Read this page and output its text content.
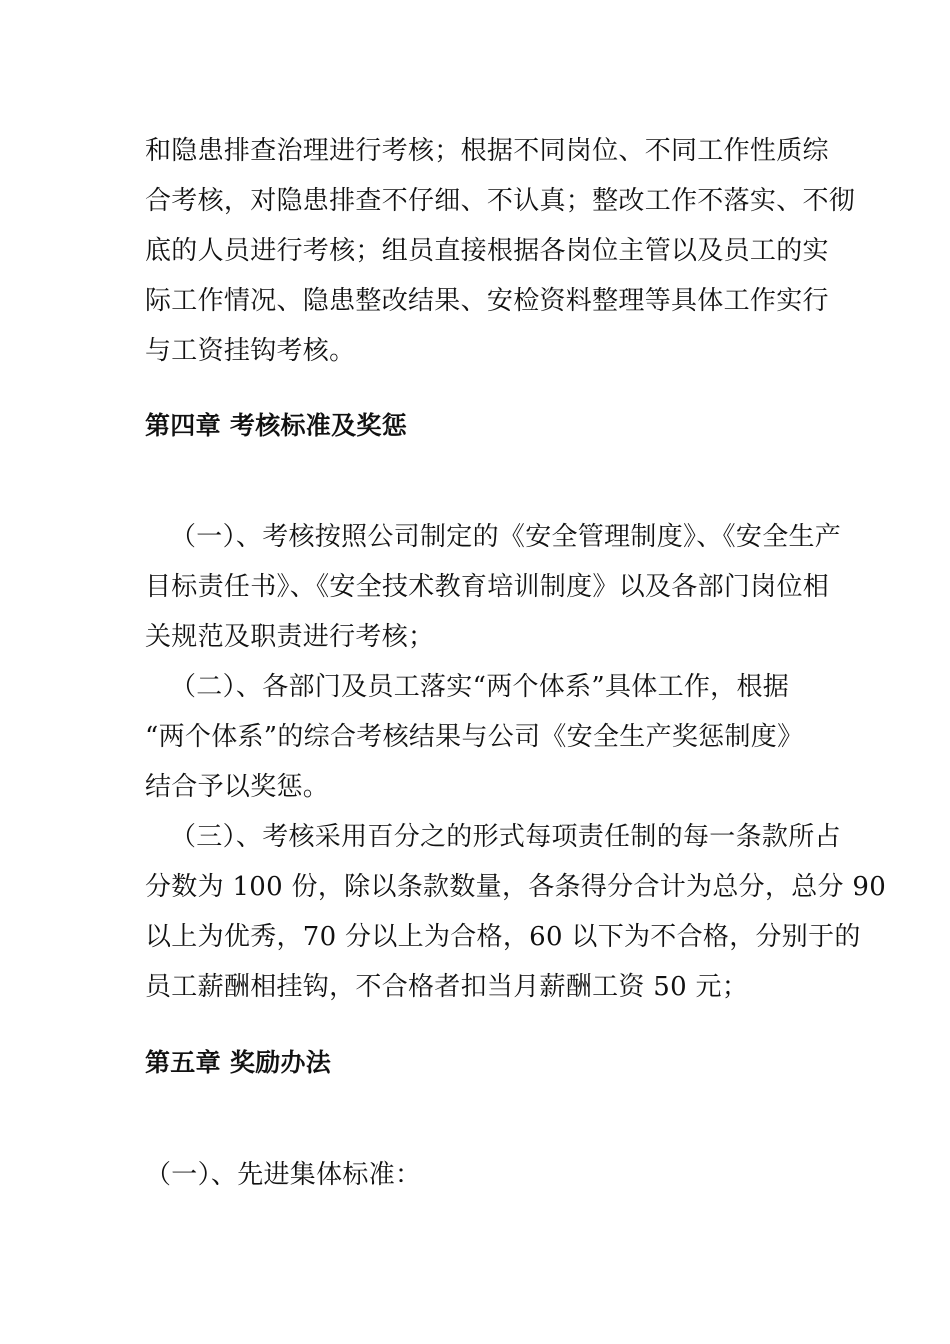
和隐患排查治理进行考核；根据不同岗位、不同工作性质综
合考核，对隐患排查不仔细、不认真；整改工作不落实、不彻
底的人员进行考核；组员直接根据各岗位主管以及员工的实
际工作情况、隐患整改结果、安检资料整理等具体工作实行
与工资挂钩考核。
第四章 考核标准及奖惩
（一）、考核按照公司制定的《安全管理制度》、《安全生产
目标责任书》、《安全技术教育培训制度》以及各部门岗位相
关规范及职责进行考核；
（二）、各部门及员工落实“两个体系”具体工作，根据
“两个体系”的综合考核结果与公司《安全生产奖惩制度》
结合予以奖惩。
（三）、考核采用百分之的形式每项责任制的每一条款所占
分数为 100 份，除以条款数量，各条得分合计为总分，总分 90
以上为优秀，70 分以上为合格，60 以下为不合格，分别于的
员工薪酬相挂钩，不合格者扣当月薪酬工资 50 元；
第五章 奖励办法
（一）、先进集体标准：
